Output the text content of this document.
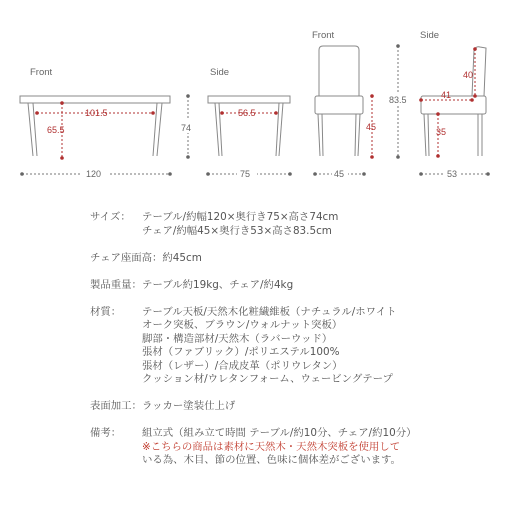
Front
101.5
65.5
120
74
Side
56.5
75
Front
45
45
83.5
Side
40
41
35
53
サイズ：	テーブル/約幅120×奥行き75×高さ74cm
チェア/約幅45×奥行き53×高さ83.5cm
チェア座面高：約45cm
製品重量：テーブル約19kg、チェア/約4kg
材質：	テーブル天板/天然木化粧繊維板（ナチュラル/ホワイト
オーク突板、ブラウン/ウォルナット突板）
脚部・構造部材/天然木（ラバーウッド）
張材（ファブリック）/ポリエステル100%
張材（レザー）/合成皮革（ポリウレタン）
クッション材/ウレタンフォーム、ウェービングテープ
表面加工：ラッカー塗装仕上げ
備考：	組立式（組み立て時間 テーブル/約10分、チェア/約10分）
※こちらの商品は素材に天然木・天然木突板を使用して
いる為、木目、節の位置、色味に個体差がございます。
